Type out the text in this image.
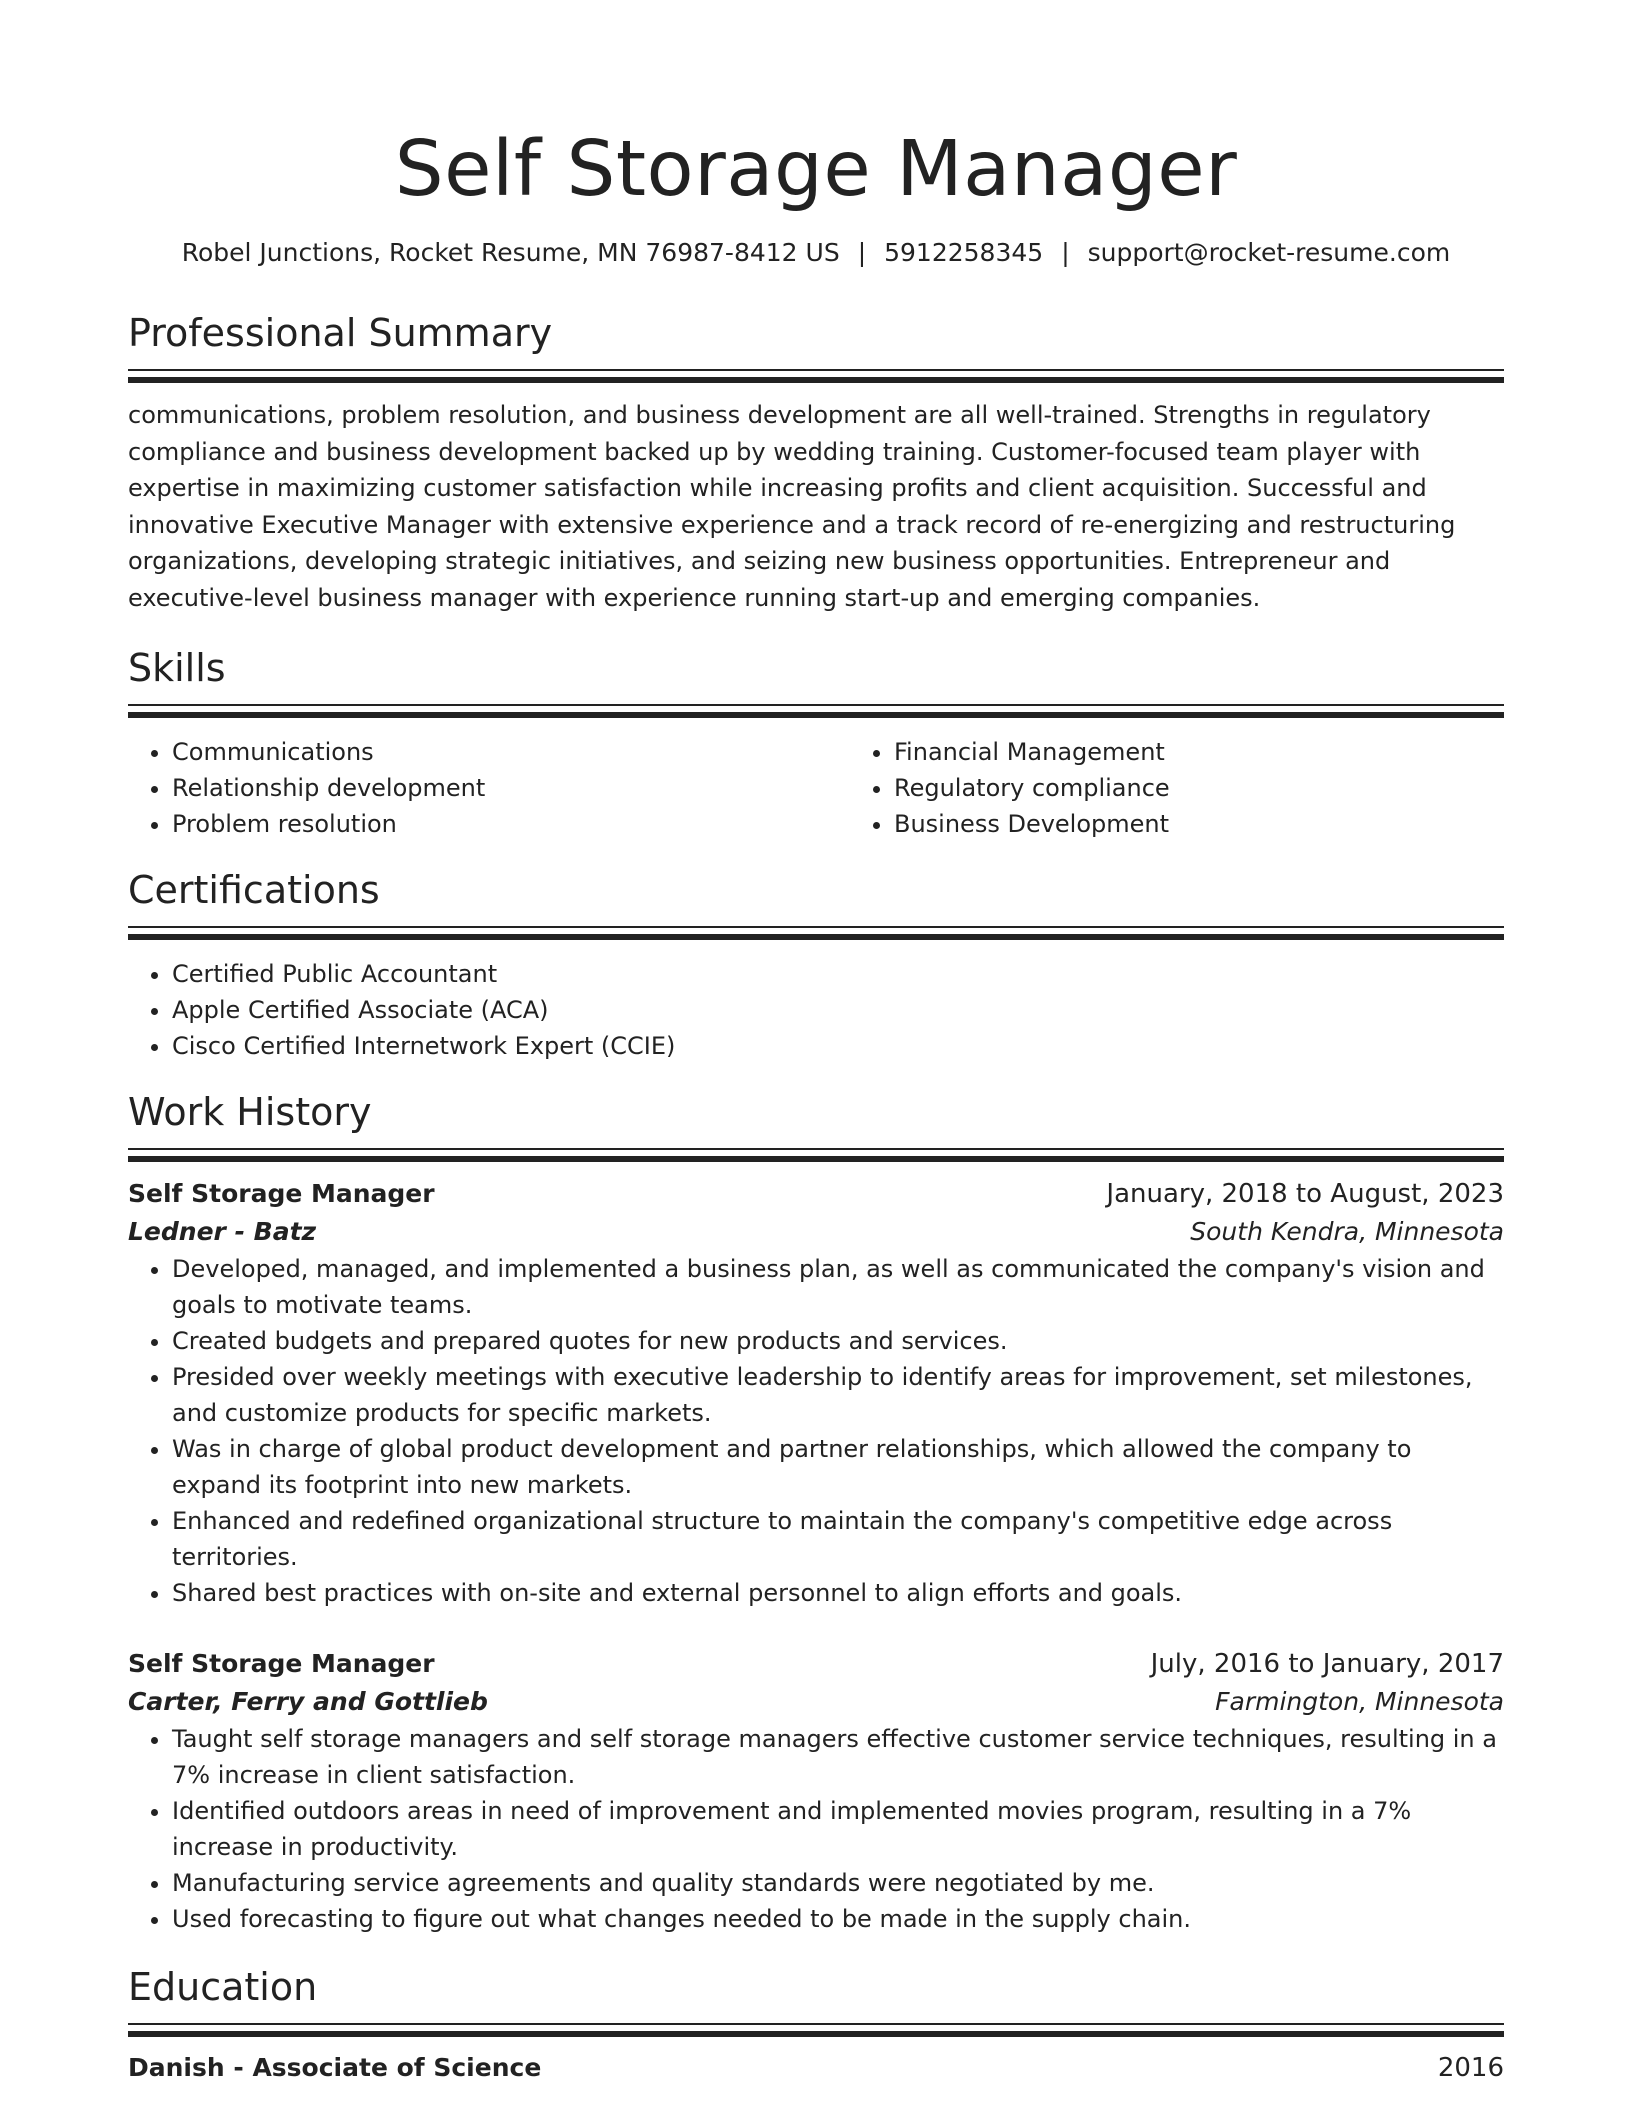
Self Storage Manager
Robel Junctions, Rocket Resume, MN 76987-8412 US | 5912258345 | support@rocket-resume.com
Professional Summary

communications, problem resolution, and business development are all well-trained. Strengths in regulatory compliance and business development backed up by wedding training. Customer-focused team player with expertise in maximizing customer satisfaction while increasing profits and client acquisition. Successful and innovative Executive Manager with extensive experience and a track record of re-energizing and restructuring organizations, developing strategic initiatives, and seizing new business opportunities. Entrepreneur and executive-level business manager with experience running start-up and emerging companies.

Skills
• Communications
• Relationship development
• Problem resolution
• Financial Management
• Regulatory compliance
• Business Development
Certifications
• Certified Public Accountant
• Apple Certified Associate (ACA)
• Cisco Certified Internetwork Expert (CCIE)
Work History
Self Storage Manager	January, 2018 to August, 2023
Ledner - Batz	South Kendra, Minnesota
• Developed, managed, and implemented a business plan, as well as communicated the company's vision and goals to motivate teams.
• Created budgets and prepared quotes for new products and services.
• Presided over weekly meetings with executive leadership to identify areas for improvement, set milestones, and customize products for specific markets.
• Was in charge of global product development and partner relationships, which allowed the company to expand its footprint into new markets.
• Enhanced and redefined organizational structure to maintain the company's competitive edge across territories.
• Shared best practices with on-site and external personnel to align efforts and goals.
Self Storage Manager	July, 2016 to January, 2017
Carter, Ferry and Gottlieb	Farmington, Minnesota
• Taught self storage managers and self storage managers effective customer service techniques, resulting in a 7% increase in client satisfaction.
• Identified outdoors areas in need of improvement and implemented movies program, resulting in a 7% increase in productivity.
• Manufacturing service agreements and quality standards were negotiated by me.
• Used forecasting to figure out what changes needed to be made in the supply chain.
Education
Danish - Associate of Science	2016
